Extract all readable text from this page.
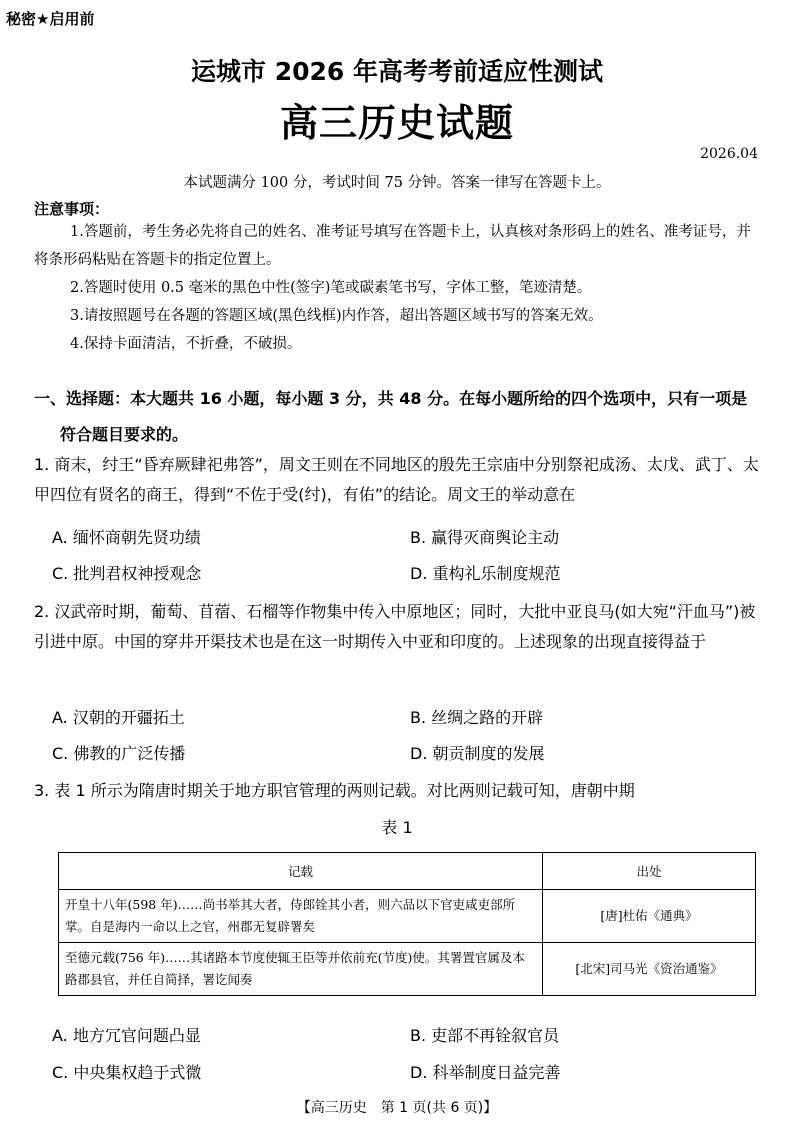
秘密★启用前
运城市 2026 年高考考前适应性测试
高三历史试题
2026.04
本试题满分 100 分，考试时间 75 分钟。答案一律写在答题卡上。
注意事项：
1.答题前，考生务必先将自己的姓名、准考证号填写在答题卡上，认真核对条形码上的姓名、准考证号，并将条形码粘贴在答题卡的指定位置上。
2.答题时使用 0.5 毫米的黑色中性(签字)笔或碳素笔书写，字体工整，笔迹清楚。
3.请按照题号在各题的答题区域(黑色线框)内作答，超出答题区域书写的答案无效。
4.保持卡面清洁，不折叠，不破损。
一、选择题：本大题共 16 小题，每小题 3 分，共 48 分。在每小题所给的四个选项中，只有一项是
符合题目要求的。
1. 商末，纣王“昏弃厥肆祀弗答”，周文王则在不同地区的殷先王宗庙中分别祭祀成汤、太戊、武丁、太甲四位有贤名的商王，得到“不佐于受(纣)，有佑”的结论。周文王的举动意在
A. 缅怀商朝先贤功绩	B. 赢得灭商舆论主动
C. 批判君权神授观念	D. 重构礼乐制度规范
2. 汉武帝时期，葡萄、苜蓿、石榴等作物集中传入中原地区；同时，大批中亚良马(如大宛“汗血马”)被引进中原。中国的穿井开渠技术也是在这一时期传入中亚和印度的。上述现象的出现直接得益于
A. 汉朝的开疆拓土	B. 丝绸之路的开辟
C. 佛教的广泛传播	D. 朝贡制度的发展
3. 表 1 所示为隋唐时期关于地方职官管理的两则记载。对比两则记载可知，唐朝中期
表 1
记载	出处
开皇十八年(598 年)……尚书举其大者，侍郎铨其小者，则六品以下官吏咸吏部所掌。自是海内一命以上之官，州郡无复辟署矣	[唐]杜佑《通典》
至德元载(756 年)……其诸路本节度使辄王臣等并依前充(节度)使。其署置官属及本路郡县官，并任自简择，署讫闻奏	[北宋]司马光《资治通鉴》
A. 地方冗官问题凸显	B. 吏部不再铨叙官员
C. 中央集权趋于式微	D. 科举制度日益完善
【高三历史　第 1 页(共 6 页)】
